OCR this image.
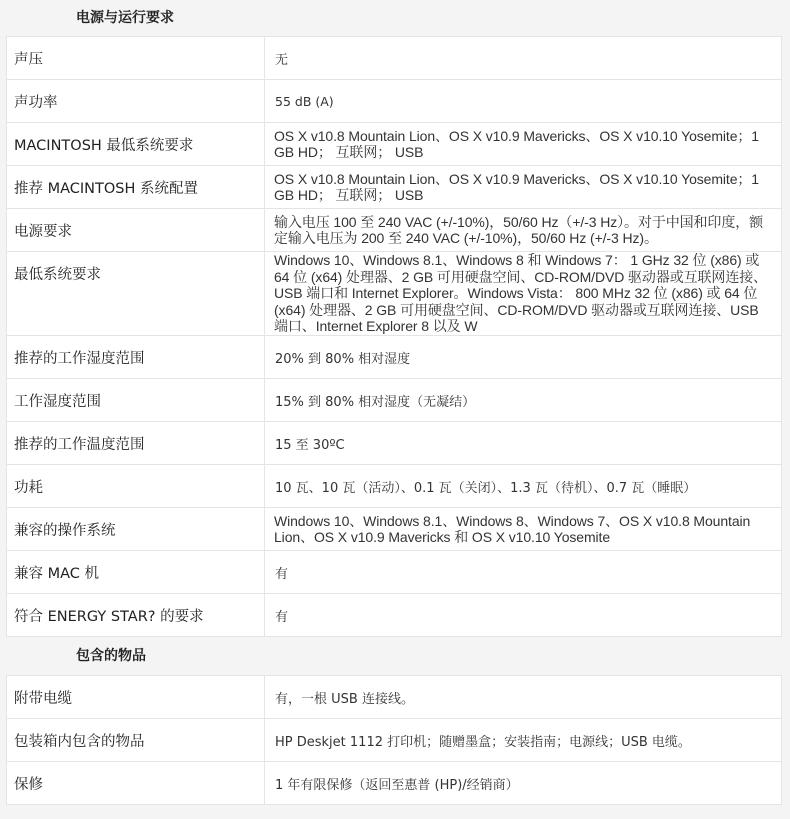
电源与运行要求
声压	无
声功率	55 dB (A)
MACINTOSH 最低系统要求	OS X v10.8 Mountain Lion、OS X v10.9 Mavericks、OS X v10.10 Yosemite；1 GB HD； 互联网； USB
推荐 MACINTOSH 系统配置	OS X v10.8 Mountain Lion、OS X v10.9 Mavericks、OS X v10.10 Yosemite；1 GB HD； 互联网； USB
电源要求	输入电压 100 至 240 VAC (+/-10%)，50/60 Hz（+/-3 Hz）。对于中国和印度，额定输入电压为 200 至 240 VAC (+/-10%)，50/60 Hz (+/-3 Hz)。
最低系统要求	Windows 10、Windows 8.1、Windows 8 和 Windows 7： 1 GHz 32 位 (x86) 或 64 位 (x64) 处理器、2 GB 可用硬盘空间、CD-ROM/DVD 驱动器或互联网连接、USB 端口和 Internet Explorer。Windows Vista： 800 MHz 32 位 (x86) 或 64 位 (x64) 处理器、2 GB 可用硬盘空间、CD-ROM/DVD 驱动器或互联网连接、USB 端口、Internet Explorer 8 以及 W
推荐的工作湿度范围	20% 到 80% 相对湿度
工作湿度范围	15% 到 80% 相对湿度（无凝结）
推荐的工作温度范围	15 至 30ºC
功耗	10 瓦、10 瓦（活动）、0.1 瓦（关闭）、1.3 瓦（待机）、0.7 瓦（睡眠）
兼容的操作系统	Windows 10、Windows 8.1、Windows 8、Windows 7、OS X v10.8 Mountain Lion、OS X v10.9 Mavericks 和 OS X v10.10 Yosemite
兼容 MAC 机	有
符合 ENERGY STAR? 的要求	有
包含的物品
附带电缆	有，一根 USB 连接线。
包装箱内包含的物品	HP Deskjet 1112 打印机；随赠墨盒；安装指南；电源线；USB 电缆。
保修	1 年有限保修（返回至惠普 (HP)/经销商）
